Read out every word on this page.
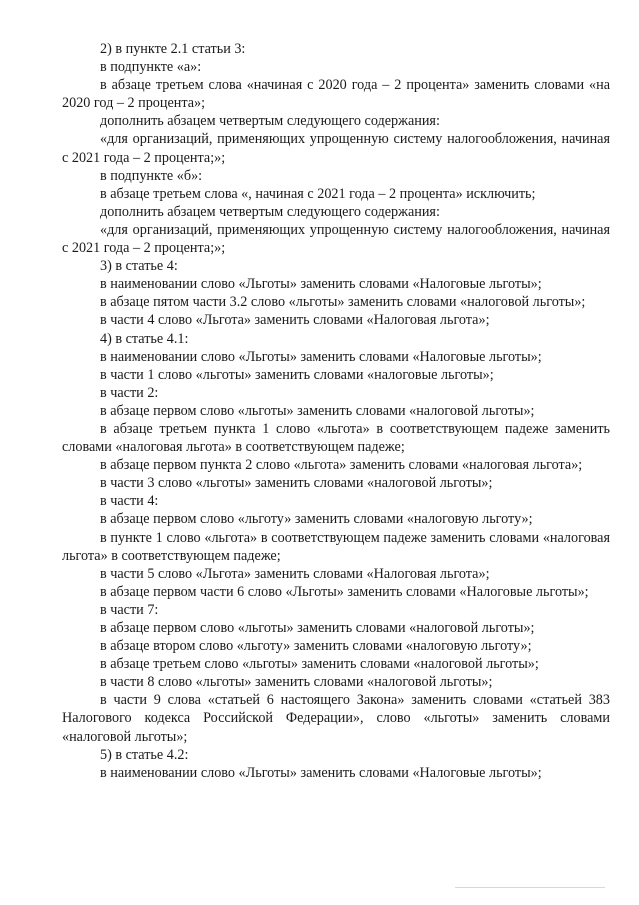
2) в пункте 2.1 статьи 3:

в подпункте «а»:

в абзаце третьем слова «начиная с 2020 года – 2 процента» заменить словами «на 2020 год – 2 процента»;

дополнить абзацем четвертым следующего содержания:

«для организаций, применяющих упрощенную систему налогообложения, начиная с 2021 года – 2 процента;»;

в подпункте «б»:

в абзаце третьем слова «, начиная с 2021 года – 2 процента» исключить;

дополнить абзацем четвертым следующего содержания:

«для организаций, применяющих упрощенную систему налогообложения, начиная с 2021 года – 2 процента;»;

3) в статье 4:

в наименовании слово «Льготы» заменить словами «Налоговые льготы»;

в абзаце пятом части 3.2 слово «льготы» заменить словами «налоговой льготы»;

в части 4 слово «Льгота» заменить словами «Налоговая льгота»;

4) в статье 4.1:

в наименовании слово «Льготы» заменить словами «Налоговые льготы»;

в части 1 слово «льготы» заменить словами «налоговые льготы»;

в части 2:

в абзаце первом слово «льготы» заменить словами «налоговой льготы»;

в абзаце третьем пункта 1 слово «льгота» в соответствующем падеже заменить словами «налоговая льгота» в соответствующем падеже;

в абзаце первом пункта 2 слово «льгота» заменить словами «налоговая льгота»;

в части 3 слово «льготы» заменить словами «налоговой льготы»;

в части 4:

в абзаце первом слово «льготу» заменить словами «налоговую льготу»;

в пункте 1 слово «льгота» в соответствующем падеже заменить словами «налоговая льгота» в соответствующем падеже;

в части 5 слово «Льгота» заменить словами «Налоговая льгота»;

в абзаце первом части 6 слово «Льготы» заменить словами «Налоговые льготы»;

в части 7:

в абзаце первом слово «льготы» заменить словами «налоговой льготы»;

в абзаце втором слово «льготу» заменить словами «налоговую льготу»;

в абзаце третьем слово «льготы» заменить словами «налоговой льготы»;

в части 8 слово «льготы» заменить словами «налоговой льготы»;

в части 9 слова «статьей 6 настоящего Закона» заменить словами «статьей 383 Налогового кодекса Российской Федерации», слово «льготы» заменить словами «налоговой льготы»;

5) в статье 4.2:

в наименовании слово «Льготы» заменить словами «Налоговые льготы»;
